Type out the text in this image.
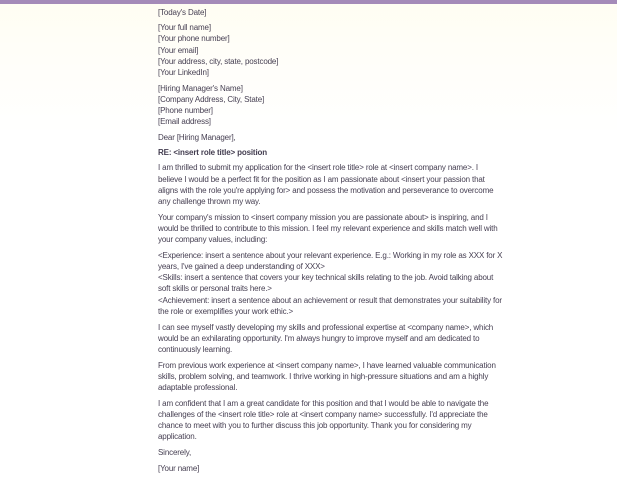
[Today's Date]

[Your full name]
[Your phone number]
[Your email]
[Your address, city, state, postcode]
[Your LinkedIn]
[Hiring Manager's Name]
[Company Address, City, State]
[Phone number]
[Email address]

Dear [Hiring Manager],

RE: <insert role title> position

I am thrilled to submit my application for the <insert role title> role at <insert company name>. I believe I would be a perfect fit for the position as I am passionate about <insert your passion that aligns with the role you're applying for> and possess the motivation and perseverance to overcome any challenge thrown my way.

Your company's mission to <insert company mission you are passionate about> is inspiring, and I would be thrilled to contribute to this mission. I feel my relevant experience and skills match well with your company values, including:

<Experience: insert a sentence about your relevant experience. E.g.: Working in my role as XXX for X years, I've gained a deep understanding of XXX>
<Skills: insert a sentence that covers your key technical skills relating to the job. Avoid talking about soft skills or personal traits here.>
<Achievement: insert a sentence about an achievement or result that demonstrates your suitability for the role or exemplifies your work ethic.>

I can see myself vastly developing my skills and professional expertise at <company name>, which would be an exhilarating opportunity. I'm always hungry to improve myself and am dedicated to continuously learning.

From previous work experience at <insert company name>, I have learned valuable communication skills, problem solving, and teamwork. I thrive working in high-pressure situations and am a highly adaptable professional.

I am confident that I am a great candidate for this position and that I would be able to navigate the challenges of the <insert role title> role at <insert company name> successfully. I'd appreciate the chance to meet with you to further discuss this job opportunity. Thank you for considering my application.

Sincerely,

[Your name]
